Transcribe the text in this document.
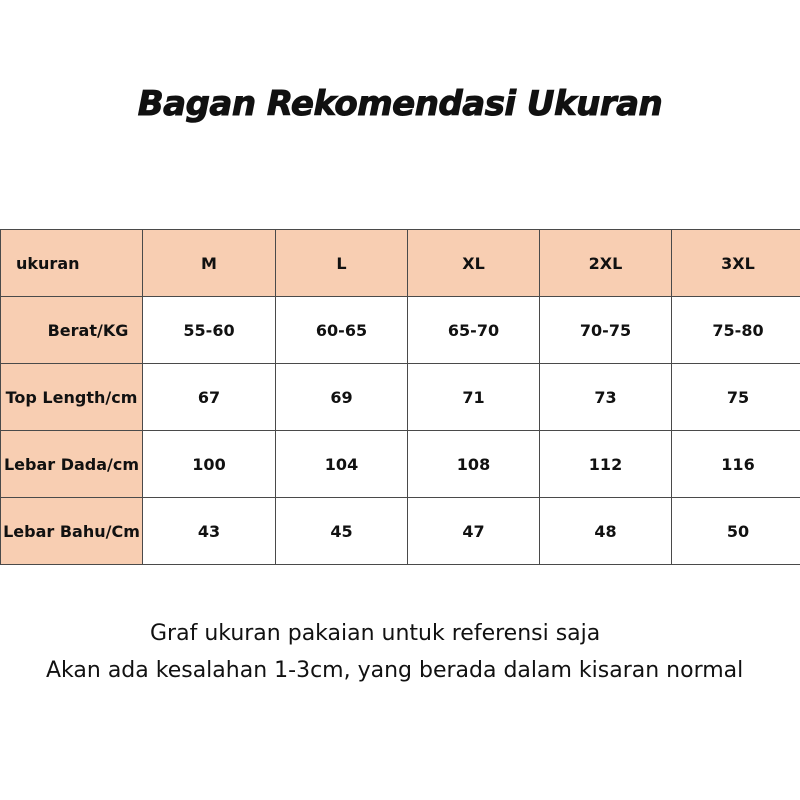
Bagan Rekomendasi Ukuran
ukuran	M	L	XL	2XL	3XL
Berat/KG	55-60	60-65	65-70	70-75	75-80
Top Length/cm	67	69	71	73	75
Lebar Dada/cm	100	104	108	112	116
Lebar Bahu/Cm	43	45	47	48	50
Graf ukuran pakaian untuk referensi saja
Akan ada kesalahan 1-3cm, yang berada dalam kisaran normal
